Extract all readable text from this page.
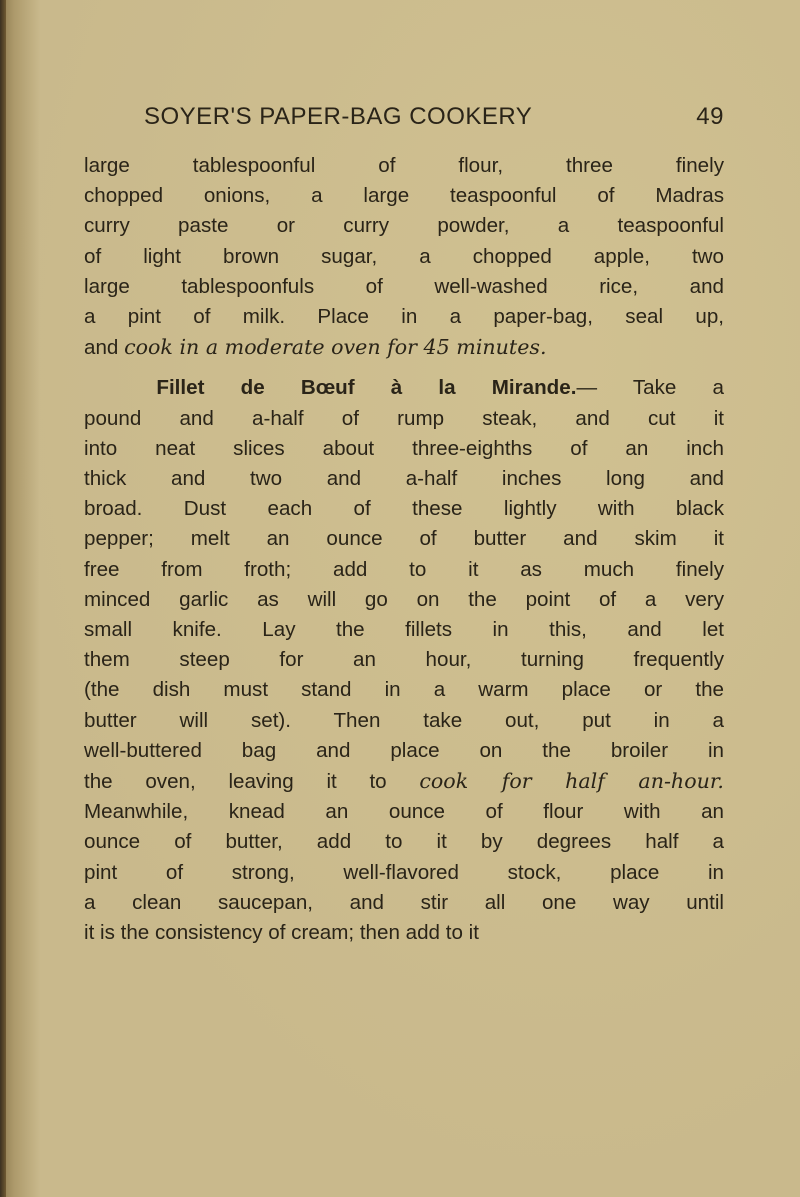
SOYER'S PAPER-BAG COOKERY	49

large tablespoonful of flour, three finely
chopped onions, a large teaspoonful of Madras
curry paste or curry powder, a teaspoonful
of light brown sugar, a chopped apple, two
large tablespoonfuls of well-washed rice, and
a pint of milk. Place in a paper-bag, seal up,
and cook in a moderate oven for 45 minutes.

Fillet de Bœuf à la Mirande.— Take a
pound and a-half of rump steak, and cut it
into neat slices about three-eighths of an inch
thick and two and a-half inches long and
broad. Dust each of these lightly with black
pepper; melt an ounce of butter and skim it
free from froth; add to it as much finely
minced garlic as will go on the point of a very
small knife. Lay the fillets in this, and let
them steep for an hour, turning frequently
(the dish must stand in a warm place or the
butter will set). Then take out, put in a
well-buttered bag and place on the broiler in
the oven, leaving it to cook for half an-hour.
Meanwhile, knead an ounce of flour with an
ounce of butter, add to it by degrees half a
pint of strong, well-flavored stock, place in
a clean saucepan, and stir all one way until
it is the consistency of cream; then add to it
